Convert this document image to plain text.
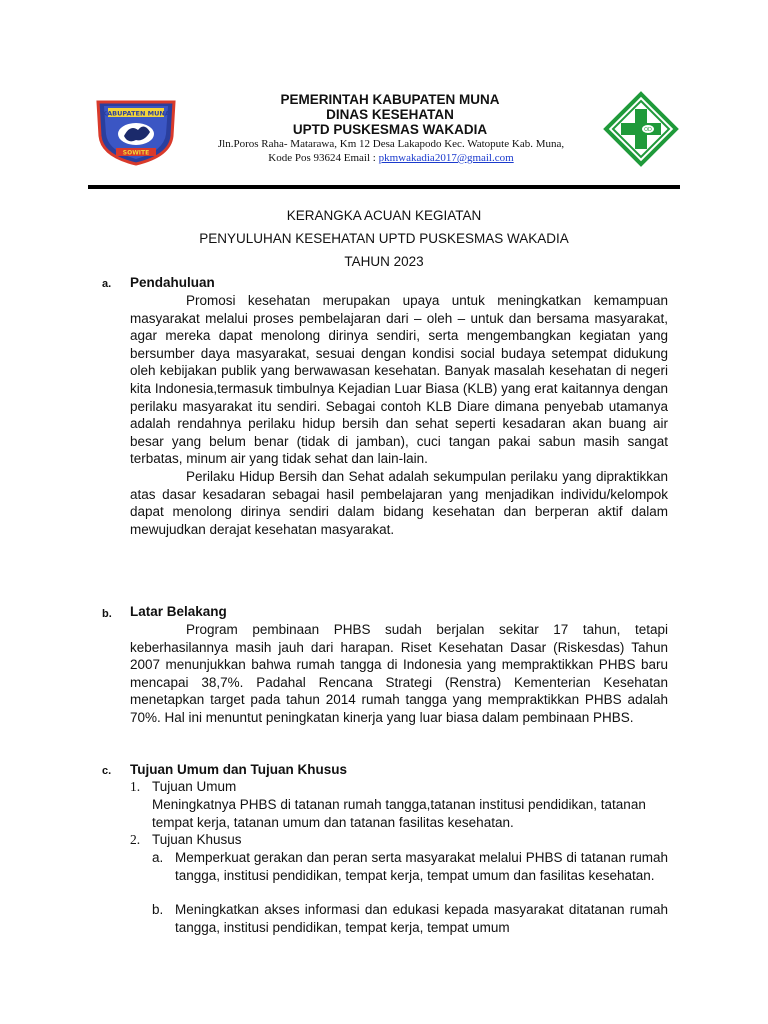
KABUPATEN MUNA
SOWITE
PEMERINTAH KABUPATEN MUNA
DINAS KESEHATAN
UPTD PUSKESMAS WAKADIA
Jln.Poros Raha- Matarawa, Km 12 Desa Lakapodo Kec. Watopute Kab. Muna,
Kode Pos 93624 Email : pkmwakadia2017@gmail.com
OD
KERANGKA ACUAN KEGIATAN
PENYULUHAN KESEHATAN UPTD PUSKESMAS WAKADIA
TAHUN 2023
a. Pendahuluan

Promosi kesehatan merupakan upaya untuk meningkatkan kemampuan masyarakat melalui proses pembelajaran dari – oleh – untuk dan bersama masyarakat, agar mereka dapat menolong dirinya sendiri, serta mengembangkan kegiatan yang bersumber daya masyarakat, sesuai dengan kondisi social budaya setempat didukung oleh kebijakan publik yang berwawasan kesehatan. Banyak masalah kesehatan di negeri kita Indonesia,termasuk timbulnya Kejadian Luar Biasa (KLB) yang erat kaitannya dengan perilaku masyarakat itu sendiri. Sebagai contoh KLB Diare dimana penyebab utamanya adalah rendahnya perilaku hidup bersih dan sehat seperti kesadaran akan buang air besar yang belum benar (tidak di jamban), cuci tangan pakai sabun masih sangat terbatas, minum air yang tidak sehat dan lain-lain.

Perilaku Hidup Bersih dan Sehat adalah sekumpulan perilaku yang dipraktikkan atas dasar kesadaran sebagai hasil pembelajaran yang menjadikan individu/kelompok dapat menolong dirinya sendiri dalam bidang kesehatan dan berperan aktif dalam mewujudkan derajat kesehatan masyarakat.

b. Latar Belakang

Program pembinaan PHBS sudah berjalan sekitar 17 tahun, tetapi keberhasilannya masih jauh dari harapan. Riset Kesehatan Dasar (Riskesdas) Tahun 2007 menunjukkan bahwa rumah tangga di Indonesia yang mempraktikkan PHBS baru mencapai 38,7%. Padahal Rencana Strategi (Renstra) Kementerian Kesehatan menetapkan target pada tahun 2014 rumah tangga yang mempraktikkan PHBS adalah 70%. Hal ini menuntut peningkatan kinerja yang luar biasa dalam pembinaan PHBS.

c. Tujuan Umum dan Tujuan Khusus
1. Tujuan Umum
Meningkatnya PHBS di tatanan rumah tangga,tatanan institusi pendidikan, tatanan tempat kerja, tatanan umum dan tatanan fasilitas kesehatan.
2. Tujuan Khusus
a. Memperkuat gerakan dan peran serta masyarakat melalui PHBS di tatanan rumah tangga, institusi pendidikan, tempat kerja, tempat umum dan fasilitas kesehatan.
b. Meningkatkan akses informasi dan edukasi kepada masyarakat ditatanan rumah tangga, institusi pendidikan, tempat kerja, tempat umum
